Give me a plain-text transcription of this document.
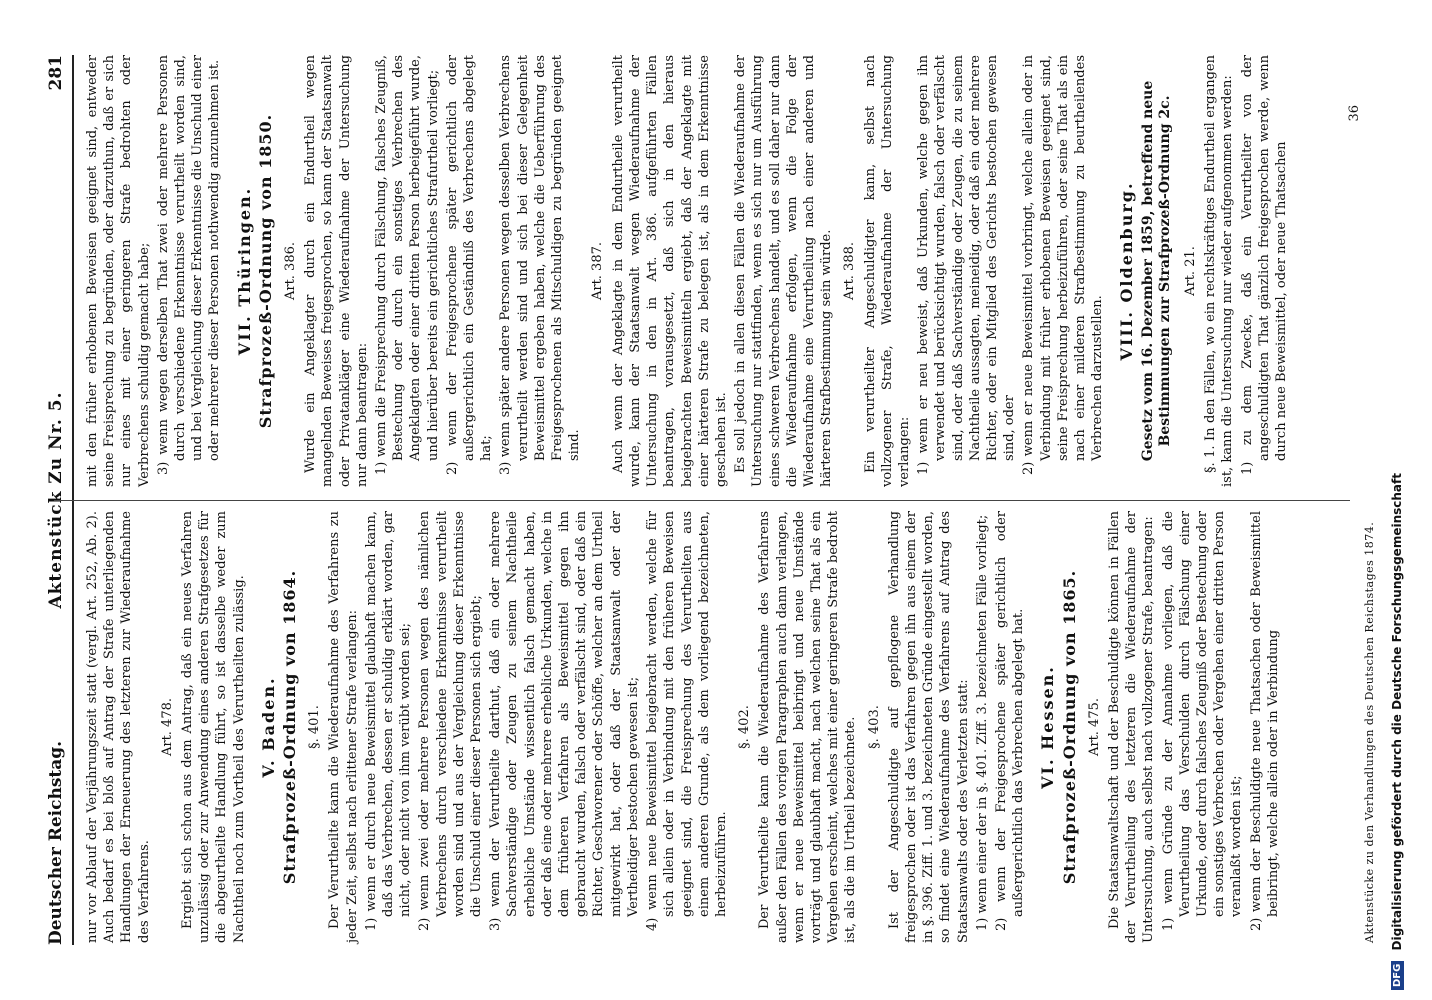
Deutscher Reichstag.
Aktenstück Zu Nr. 5.
281

nur vor Ablauf der Verjährungszeit statt (vergl. Art. 252, Ab. 2). Auch bedarf es bei bloß auf Antrag der Strafe unterliegenden Handlungen der Erneuerung des letzteren zur Wiederaufnahme des Verfahrens.

Art. 478. Ergiebt sich schon aus dem Antrag, daß ein neues Verfahren unzulässig oder zur Anwendung eines anderen Strafgesetzes für die abgeurtheilte Handlung führt, so ist dasselbe weder zum Nachtheil noch zum Vortheil des Verurtheilten zulässig. V. Baden. Strafprozeß-Ordnung von 1864. §. 401. Der Verurtheilte kann die Wiederaufnahme des Verfahrens zu jeder Zeit, selbst nach erlittener Strafe verlangen: 1) wenn er durch neue Beweismittel glaubhaft machen kann, daß das Verbrechen, dessen er schuldig erklärt worden, gar nicht, oder nicht von ihm verübt worden sei; 2) wenn zwei oder mehrere Personen wegen des nämlichen Verbrechens durch verschiedene Erkenntnisse verurtheilt worden sind und aus der Vergleichung dieser Erkenntnisse die Unschuld einer dieser Personen sich ergiebt; 3) wenn der Verurtheilte darthut, daß ein oder mehrere Sachverständige oder Zeugen zu seinem Nachtheile erhebliche Umstände wissentlich falsch gemacht haben, oder daß eine oder mehrere erhebliche Urkunden, welche in dem früheren Verfahren als Beweismittel gegen ihn gebraucht wurden, falsch oder verfälscht sind, oder daß ein Richter, Geschworener oder Schöffe, welcher an dem Urtheil mitgewirkt hat, oder daß der Staatsanwalt oder der Vertheidiger bestochen gewesen ist; 4) wenn neue Beweismittel beigebracht werden, welche für sich allein oder in Verbindung mit den früheren Beweisen geeignet sind, die Freisprechung des Verurtheilten aus einem anderen Grunde, als dem vorliegend bezeichneten, herbeizuführen.
§. 402. Der Verurtheilte kann die Wiederaufnahme des Verfahrens außer den Fällen des vorigen Paragraphen auch dann verlangen, wenn er neue Beweismittel beibringt und neue Umstände vorträgt und glaubhaft macht, nach welchen seine That als ein Vergehen erscheint, welches mit einer geringeren Strafe bedroht ist, als die im Urtheil bezeichnete. §. 403. Ist der Angeschuldigte auf gepflogene Verhandlung freigesprochen oder ist das Verfahren gegen ihn aus einem der in §. 396. Ziff. 1. und 3. bezeichneten Gründe eingestellt worden, so findet eine Wiederaufnahme des Verfahrens auf Antrag des Staatsanwalts oder des Verletzten statt: 1) wenn einer der in §. 401. Ziff. 3. bezeichneten Fälle vorliegt; 2) wenn der Freigesprochene später gerichtlich oder außergerichtlich das Verbrechen abgelegt hat. VI. Hessen. Strafprozeß-Ordnung von 1865. Art. 475. Die Staatsanwaltschaft und der Beschuldigte können in Fällen der Verurtheilung des letzteren die Wiederaufnahme der Untersuchung, auch selbst nach vollzogener Strafe, beantragen: 1) wenn Gründe zu der Annahme vorliegen, daß die Verurtheilung das Verschulden durch Fälschung einer Urkunde, oder durch falsches Zeugniß oder Bestechung oder ein sonstiges Verbrechen oder Vergehen einer dritten Person veranlaßt worden ist; 2) wenn der Beschuldigte neue Thatsachen oder Beweismittel beibringt, welche allein oder in Verbindung	Aktenstücke zu den Verhandlungen des Deutschen Reichstages 1874.

mit den früher erhobenen Beweisen geeignet sind, entweder seine Freisprechung zu begründen, oder darzuthun, daß er sich nur eines mit einer geringeren Strafe bedrohten oder Verbrechens schuldig gemacht habe; 3) wenn wegen derselben That zwei oder mehrere Personen durch verschiedene Erkenntnisse verurtheilt worden sind, und bei Vergleichung dieser Erkenntnisse die Unschuld einer oder mehrerer dieser Personen nothwendig anzunehmen ist. VII. Thüringen. Strafprozeß-Ordnung von 1850. Art. 386. Wurde ein Angeklagter durch ein Endurtheil wegen mangelnden Beweises freigesprochen, so kann der Staatsanwalt oder Privatankläger eine Wiederaufnahme der Untersuchung nur dann beantragen: 1) wenn die Freisprechung durch Fälschung, falsches Zeugniß, Bestechung oder durch ein sonstiges Verbrechen des Angeklagten oder einer dritten Person herbeigeführt wurde, und hierüber bereits ein gerichtliches Strafurtheil vorliegt; 2) wenn der Freigesprochene später gerichtlich oder außergerichtlich ein Geständniß des Verbrechens abgelegt hat; 3) wenn später andere Personen wegen desselben Verbrechens verurtheilt werden sind und sich bei dieser Gelegenheit Beweismittel ergeben haben, welche die Ueberführung des Freigesprochenen als Mitschuldigen zu begründen geeignet sind.
Art. 387. Auch wenn der Angeklagte in dem Endurtheile verurtheilt wurde, kann der Staatsanwalt wegen Wiederaufnahme der Untersuchung in den in Art. 386. aufgeführten Fällen beantragen, vorausgesetzt, daß sich in den hieraus beigebrachten Beweismitteln ergiebt, daß der Angeklagte mit einer härteren Strafe zu belegen ist, als in dem Erkenntnisse geschehen ist. Es soll jedoch in allen diesen Fällen die Wiederaufnahme der Untersuchung nur stattfinden, wenn es sich nur um Ausführung eines schweren Verbrechens handelt, und es soll daher nur dann die Wiederaufnahme erfolgen, wenn die Folge der Wiederaufnahme eine Verurtheilung nach einer anderen und härteren Strafbestimmung sein würde. Art. 388. Ein verurtheilter Angeschuldigter kann, selbst nach vollzogener Strafe, Wiederaufnahme der Untersuchung verlangen: 1) wenn er neu beweist, daß Urkunden, welche gegen ihn verwendet und berücksichtigt wurden, falsch oder verfälscht sind, oder daß Sachverständige oder Zeugen, die zu seinem Nachtheile aussagten, meineidig, oder daß ein oder mehrere Richter, oder ein Mitglied des Gerichts bestochen gewesen sind, oder 2) wenn er neue Beweismittel vorbringt, welche allein oder in Verbindung mit früher erhobenen Beweisen geeignet sind, seine Freisprechung herbeizuführen, oder seine That als ein nach einer milderen Strafbestimmung zu beurtheilendes Verbrechen darzustellen.
VIII. Oldenburg. Gesetz vom 16. Dezember 1859, betreffend neue Bestimmungen zur Strafprozeß-Ordnung 2c. Art. 21. §. 1. In den Fällen, wo ein rechtskräftiges Endurtheil ergangen ist, kann die Untersuchung nur wieder aufgenommen werden: 1) zu dem Zwecke, daß ein Verurtheilter von der angeschuldigten That gänzlich freigesprochen werde, wenn durch neue Beweismittel, oder neue Thatsachen
36
DFG Digitalisierung gefördert durch die Deutsche Forschungsgemeinschaft
